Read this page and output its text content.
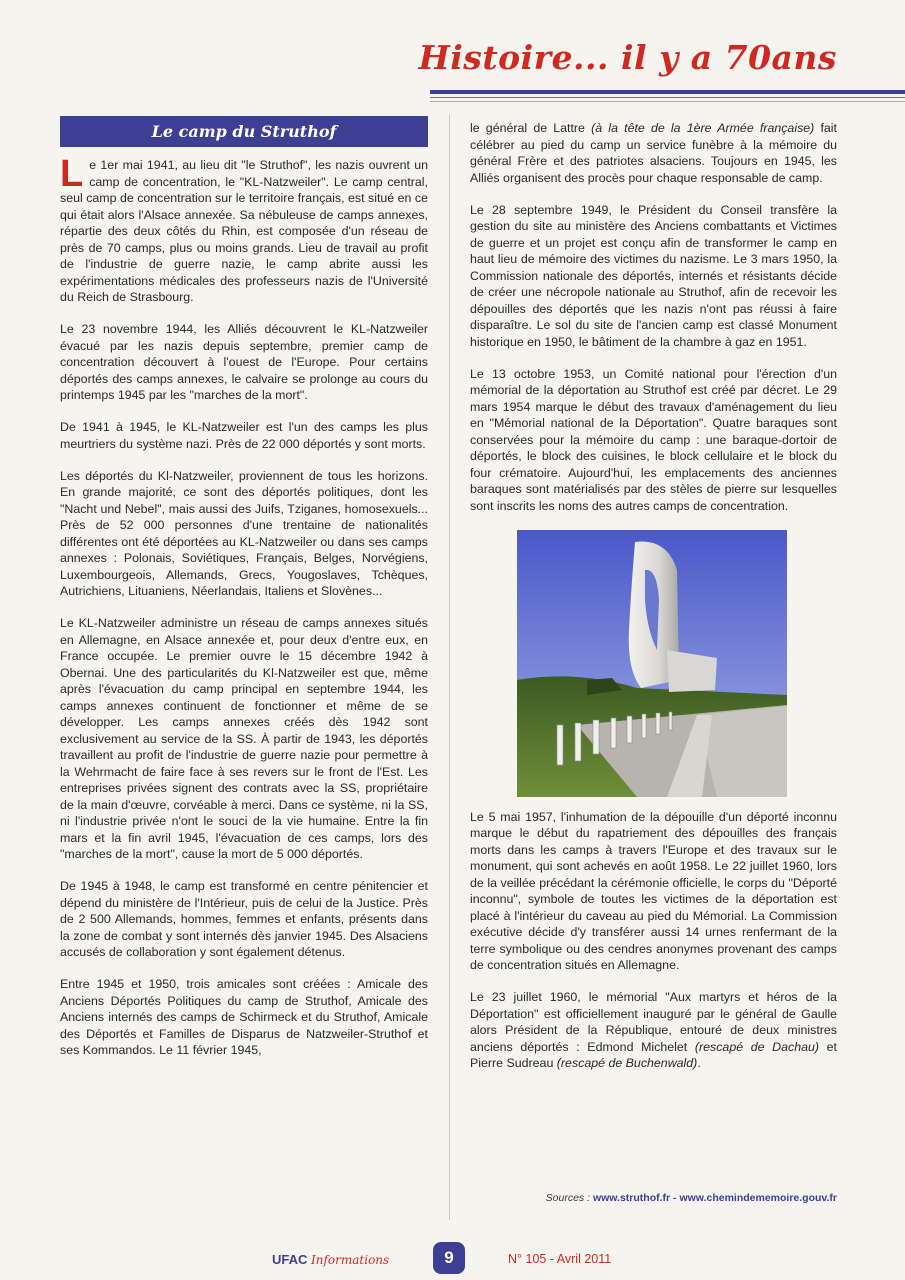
Histoire... il y a 70ans
Le camp du Struthof

Le 1er mai 1941, au lieu dit "le Struthof", les nazis ouvrent un camp de concentration, le "KL-Natzweiler". Le camp central, seul camp de concentration sur le territoire français, est situé en ce qui était alors l'Alsace annexée. Sa nébuleuse de camps annexes, répartie des deux côtés du Rhin, est composée d'un réseau de près de 70 camps, plus ou moins grands. Lieu de travail au profit de l'industrie de guerre nazie, le camp abrite aussi les expérimentations médicales des professeurs nazis de l'Université du Reich de Strasbourg.

Le 23 novembre 1944, les Alliés découvrent le KL-Natzweiler évacué par les nazis depuis septembre, premier camp de concentration découvert à l'ouest de l'Europe. Pour certains déportés des camps annexes, le calvaire se prolonge au cours du printemps 1945 par les "marches de la mort".

De 1941 à 1945, le KL-Natzweiler est l'un des camps les plus meurtriers du système nazi. Près de 22 000 déportés y sont morts.

Les déportés du Kl-Natzweiler, proviennent de tous les horizons. En grande majorité, ce sont des déportés politiques, dont les "Nacht und Nebel", mais aussi des Juifs, Tziganes, homosexuels... Près de 52 000 personnes d'une trentaine de nationalités différentes ont été déportées au KL-Natzweiler ou dans ses camps annexes : Polonais, Soviétiques, Français, Belges, Norvégiens, Luxembourgeois, Allemands, Grecs, Yougoslaves, Tchèques, Autrichiens, Lituaniens, Néerlandais, Italiens et Slovènes...

Le KL-Natzweiler administre un réseau de camps annexes situés en Allemagne, en Alsace annexée et, pour deux d'entre eux, en France occupée. Le premier ouvre le 15 décembre 1942 à Obernai. Une des particularités du Kl-Natzweiler est que, même après l'évacuation du camp principal en septembre 1944, les camps annexes continuent de fonctionner et même de se développer. Les camps annexes créés dès 1942 sont exclusivement au service de la SS. À partir de 1943, les déportés travaillent au profit de l'industrie de guerre nazie pour permettre à la Wehrmacht de faire face à ses revers sur le front de l'Est. Les entreprises privées signent des contrats avec la SS, propriétaire de la main d'œuvre, corvéable à merci. Dans ce système, ni la SS, ni l'industrie privée n'ont le souci de la vie humaine. Entre la fin mars et la fin avril 1945, l'évacuation de ces camps, lors des "marches de la mort", cause la mort de 5 000 déportés.

De 1945 à 1948, le camp est transformé en centre pénitencier et dépend du ministère de l'Intérieur, puis de celui de la Justice. Près de 2 500 Allemands, hommes, femmes et enfants, présents dans la zone de combat y sont internés dès janvier 1945. Des Alsaciens accusés de collaboration y sont également détenus.

Entre 1945 et 1950, trois amicales sont créées : Amicale des Anciens Déportés Politiques du camp de Struthof, Amicale des Anciens internés des camps de Schirmeck et du Struthof, Amicale des Déportés et Familles de Disparus de Natzweiler-Struthof et ses Kommandos. Le 11 février 1945,

le général de Lattre (à la tête de la 1ère Armée française) fait célébrer au pied du camp un service funèbre à la mémoire du général Frère et des patriotes alsaciens. Toujours en 1945, les Alliés organisent des procès pour chaque responsable de camp.

Le 28 septembre 1949, le Président du Conseil transfère la gestion du site au ministère des Anciens combattants et Victimes de guerre et un projet est conçu afin de transformer le camp en haut lieu de mémoire des victimes du nazisme. Le 3 mars 1950, la Commission nationale des déportés, internés et résistants décide de créer une nécropole nationale au Struthof, afin de recevoir les dépouilles des déportés que les nazis n'ont pas réussi à faire disparaître. Le sol du site de l'ancien camp est classé Monument historique en 1950, le bâtiment de la chambre à gaz en 1951.

Le 13 octobre 1953, un Comité national pour l'érection d'un mémorial de la déportation au Struthof est créé par décret. Le 29 mars 1954 marque le début des travaux d'aménagement du lieu en "Mémorial national de la Déportation". Quatre baraques sont conservées pour la mémoire du camp : une baraque-dortoir de déportés, le block des cuisines, le block cellulaire et le block du four crématoire. Aujourd'hui, les emplacements des anciennes baraques sont matérialisés par des stèles de pierre sur lesquelles sont inscrits les noms des autres camps de concentration.

Le 5 mai 1957, l'inhumation de la dépouille d'un déporté inconnu marque le début du rapatriement des dépouilles des français morts dans les camps à travers l'Europe et des travaux sur le monument, qui sont achevés en août 1958. Le 22 juillet 1960, lors de la veillée précédant la cérémonie officielle, le corps du "Déporté inconnu", symbole de toutes les victimes de la déportation est placé à l'intérieur du caveau au pied du Mémorial. La Commission exécutive décide d'y transférer aussi 14 urnes renfermant de la terre symbolique ou des cendres anonymes provenant des camps de concentration situés en Allemagne.

Le 23 juillet 1960, le mémorial "Aux martyrs et héros de la Déportation" est officiellement inauguré par le général de Gaulle alors Président de la République, entouré de deux ministres anciens déportés : Edmond Michelet (rescapé de Dachau) et Pierre Sudreau (rescapé de Buchenwald).

Sources : www.struthof.fr - www.chemindememoire.gouv.fr
UFAC Informations	9	N° 105 - Avril 2011
